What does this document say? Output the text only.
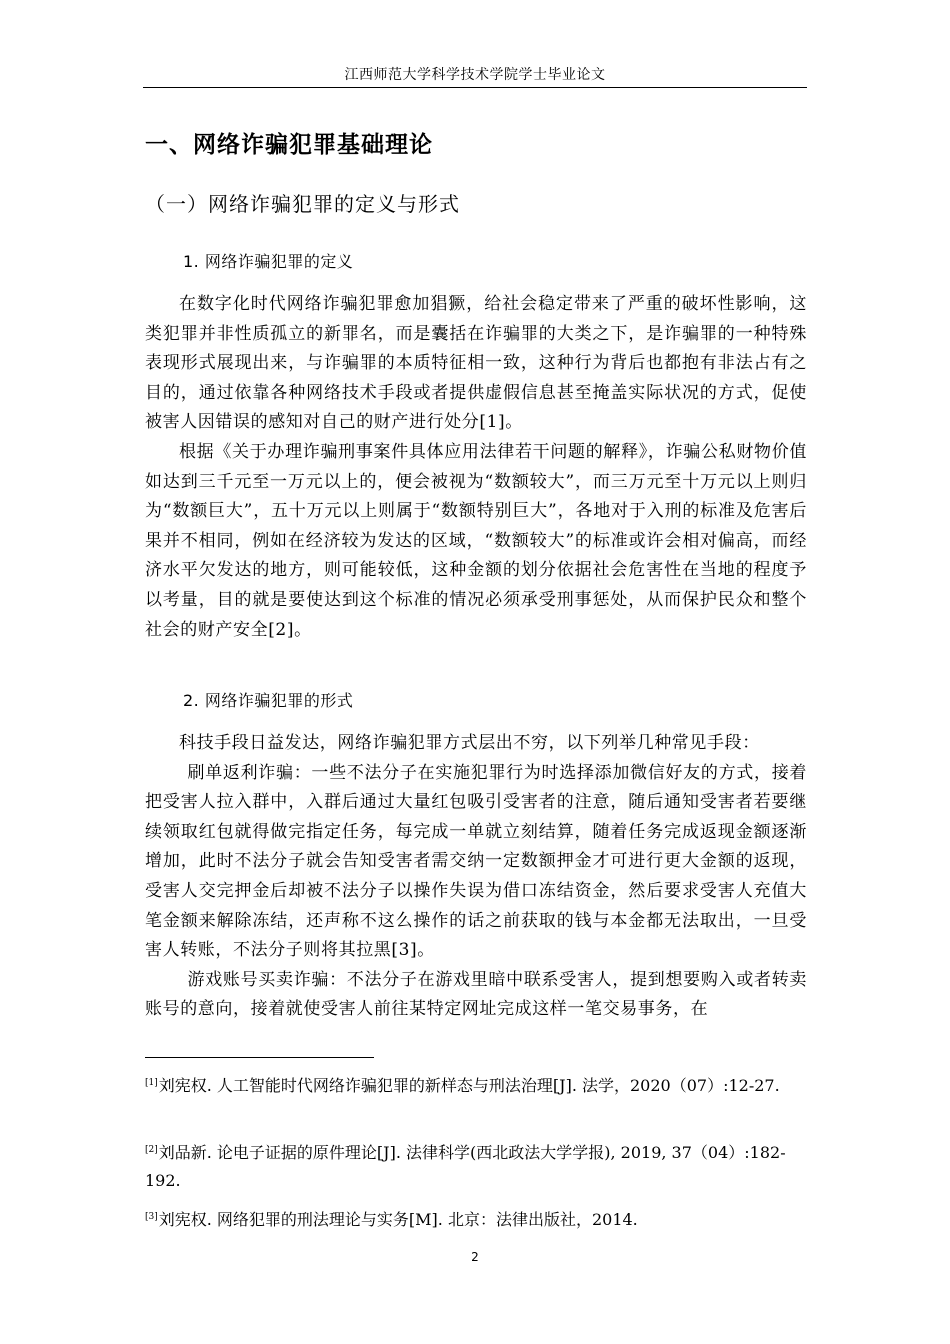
江西师范大学科学技术学院学士毕业论文
一、网络诈骗犯罪基础理论
（一）网络诈骗犯罪的定义与形式
1. 网络诈骗犯罪的定义

在数字化时代网络诈骗犯罪愈加猖獗，给社会稳定带来了严重的破坏性影响，这类犯罪并非性质孤立的新罪名，而是囊括在诈骗罪的大类之下，是诈骗罪的一种特殊表现形式展现出来，与诈骗罪的本质特征相一致，这种行为背后也都抱有非法占有之目的，通过依靠各种网络技术手段或者提供虚假信息甚至掩盖实际状况的方式，促使被害人因错误的感知对自己的财产进行处分[1]。

根据《关于办理诈骗刑事案件具体应用法律若干问题的解释》，诈骗公私财物价值如达到三千元至一万元以上的，便会被视为“数额较大”，而三万元至十万元以上则归为“数额巨大”，五十万元以上则属于“数额特别巨大”，各地对于入刑的标准及危害后果并不相同，例如在经济较为发达的区域，“数额较大”的标准或许会相对偏高，而经济水平欠发达的地方，则可能较低，这种金额的划分依据社会危害性在当地的程度予以考量，目的就是要使达到这个标准的情况必须承受刑事惩处，从而保护民众和整个社会的财产安全[2]。

2. 网络诈骗犯罪的形式

科技手段日益发达，网络诈骗犯罪方式层出不穷，以下列举几种常见手段：

刷单返利诈骗：一些不法分子在实施犯罪行为时选择添加微信好友的方式，接着把受害人拉入群中，入群后通过大量红包吸引受害者的注意，随后通知受害者若要继续领取红包就得做完指定任务，每完成一单就立刻结算，随着任务完成返现金额逐渐增加，此时不法分子就会告知受害者需交纳一定数额押金才可进行更大金额的返现，受害人交完押金后却被不法分子以操作失误为借口冻结资金，然后要求受害人充值大笔金额来解除冻结，还声称不这么操作的话之前获取的钱与本金都无法取出，一旦受害人转账，不法分子则将其拉黑[3]。

游戏账号买卖诈骗：不法分子在游戏里暗中联系受害人，提到想要购入或者转卖账号的意向，接着就使受害人前往某特定网址完成这样一笔交易事务，在

[1]刘宪权. 人工智能时代网络诈骗犯罪的新样态与刑法治理[J]. 法学，2020（07）:12-27.
[2]刘品新. 论电子证据的原件理论[J]. 法律科学(西北政法大学学报), 2019, 37（04）:182-192.
[3]刘宪权. 网络犯罪的刑法理论与实务[M]. 北京：法律出版社，2014.
2
